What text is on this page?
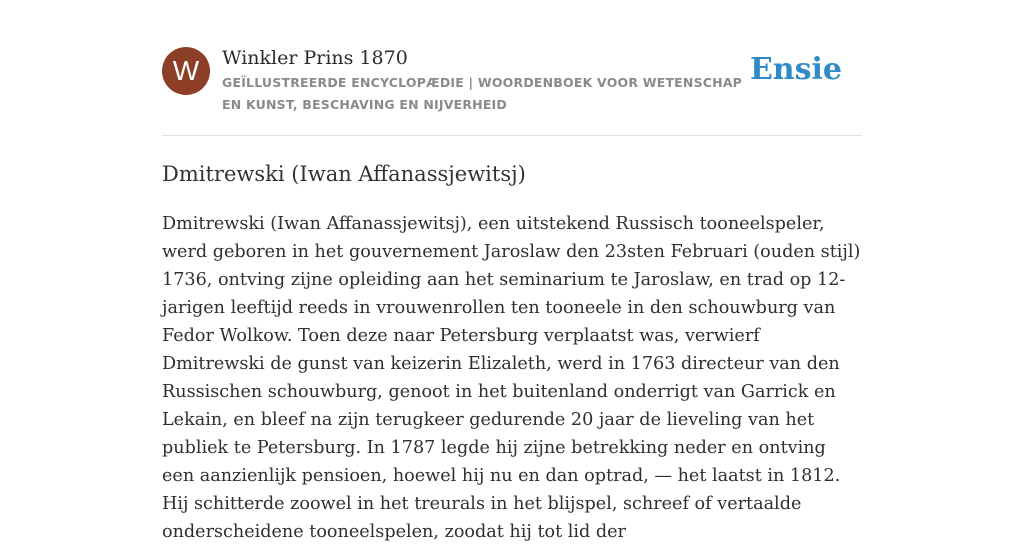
W	Winkler Prins 1870
GEÏLLUSTREERDE ENCYCLOPÆDIE | WOORDENBOEK VOOR WETENSCHAP EN KUNST, BESCHAVING EN NIJVERHEID
Ensie
Dmitrewski (Iwan Affanassjewitsj)

Dmitrewski (Iwan Affanassjewitsj), een uitstekend Russisch tooneelspeler, werd geboren in het gouvernement Jaroslaw den 23sten Februari (ouden stijl) 1736, ontving zijne opleiding aan het seminarium te Jaroslaw, en trad op 12-jarigen leeftijd reeds in vrouwenrollen ten tooneele in den schouwburg van Fedor Wolkow. Toen deze naar Petersburg verplaatst was, verwierf Dmitrewski de gunst van keizerin Elizaleth, werd in 1763 directeur van den Russischen schouwburg, genoot in het buitenland onderrigt van Garrick en Lekain, en bleef na zijn terugkeer gedurende 20 jaar de lieveling van het publiek te Petersburg. In 1787 legde hij zijne betrekking neder en ontving een aanzienlijk pensioen, hoewel hij nu en dan optrad, — het laatst in 1812. Hij schitterde zoowel in het treurals in het blijspel, schreef of vertaalde onderscheidene tooneelspelen, zoodat hij tot lid der
